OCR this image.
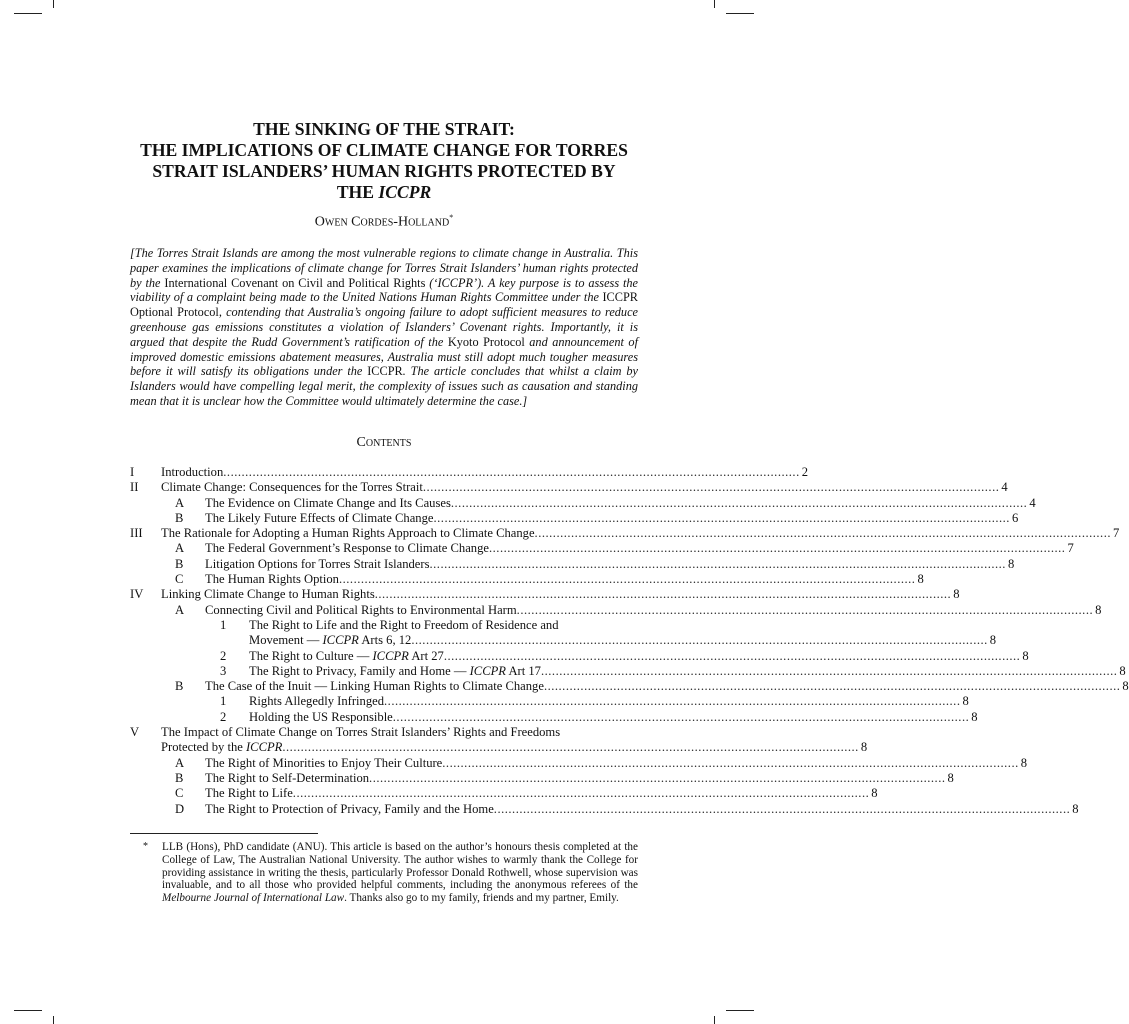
THE SINKING OF THE STRAIT:
THE IMPLICATIONS OF CLIMATE CHANGE FOR TORRES
STRAIT ISLANDERS’ HUMAN RIGHTS PROTECTED BY
THE ICCPR
Owen Cordes-Holland*
[The Torres Strait Islands are among the most vulnerable regions to climate change in Australia. This paper examines the implications of climate change for Torres Strait Islanders’ human rights protected by the International Covenant on Civil and Political Rights (‘ICCPR’). A key purpose is to assess the viability of a complaint being made to the United Nations Human Rights Committee under the ICCPR Optional Protocol, contending that Australia’s ongoing failure to adopt sufficient measures to reduce greenhouse gas emissions constitutes a violation of Islanders’ Covenant rights. Importantly, it is argued that despite the Rudd Government’s ratification of the Kyoto Protocol and announcement of improved domestic emissions abatement measures, Australia must still adopt much tougher measures before it will satisfy its obligations under the ICCPR. The article concludes that whilst a claim by Islanders would have compelling legal merit, the complexity of issues such as causation and standing mean that it is unclear how the Committee would ultimately determine the case.]
Contents
I Introduction .............................................................................................................................................................. 2
II Climate Change: Consequences for the Torres Strait .............................................................................................................................................................. 4
A The Evidence on Climate Change and Its Causes .............................................................................................................................................................. 4
B The Likely Future Effects of Climate Change .............................................................................................................................................................. 6
III The Rationale for Adopting a Human Rights Approach to Climate Change .............................................................................................................................................................. 7
A The Federal Government’s Response to Climate Change .............................................................................................................................................................. 7
B Litigation Options for Torres Strait Islanders .............................................................................................................................................................. 8
C The Human Rights Option .............................................................................................................................................................. 8
IV Linking Climate Change to Human Rights .............................................................................................................................................................. 8
A Connecting Civil and Political Rights to Environmental Harm .............................................................................................................................................................. 8
1 The Right to Life and the Right to Freedom of Residence and
Movement — ICCPR Arts 6, 12 .............................................................................................................................................................. 8
2 The Right to Culture — ICCPR Art 27 .............................................................................................................................................................. 8
3 The Right to Privacy, Family and Home — ICCPR Art 17 .............................................................................................................................................................. 8
B The Case of the Inuit — Linking Human Rights to Climate Change .............................................................................................................................................................. 8
1 Rights Allegedly Infringed .............................................................................................................................................................. 8
2 Holding the US Responsible .............................................................................................................................................................. 8
V The Impact of Climate Change on Torres Strait Islanders’ Rights and Freedoms
Protected by the ICCPR .............................................................................................................................................................. 8
A The Right of Minorities to Enjoy Their Culture .............................................................................................................................................................. 8
B The Right to Self-Determination .............................................................................................................................................................. 8
C The Right to Life .............................................................................................................................................................. 8
D The Right to Protection of Privacy, Family and the Home .............................................................................................................................................................. 8
* LLB (Hons), PhD candidate (ANU). This article is based on the author’s honours thesis completed at the College of Law, The Australian National University. The author wishes to warmly thank the College for providing assistance in writing the thesis, particularly Professor Donald Rothwell, whose supervision was invaluable, and to all those who provided helpful comments, including the anonymous referees of the Melbourne Journal of International Law. Thanks also go to my family, friends and my partner, Emily.
